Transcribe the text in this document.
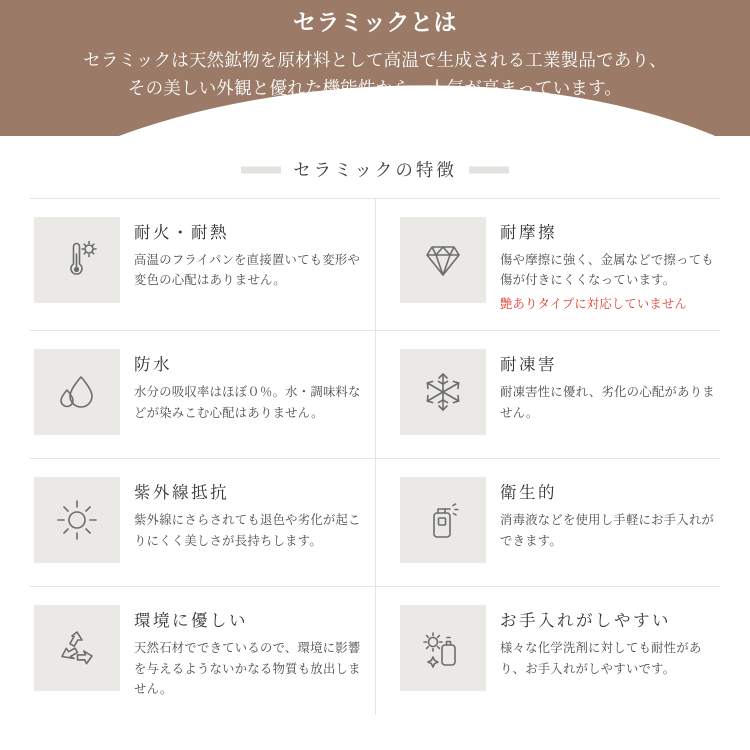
セラミックとは

セラミックは天然鉱物を原材料として高温で生成される工業製品であり、

その美しい外観と優れた機能性から、人気が高まっています。

セラミックの特徴

耐火・耐熱

高温のフライパンを直接置いても変形や変色の心配はありません。

耐摩擦

傷や摩擦に強く、金属などで擦っても傷が付きにくくなっています。

艶ありタイプに対応していません

防水

水分の吸収率はほぼ０％。水・調味料などが染みこむ心配はありません。

耐凍害

耐凍害性に優れ、劣化の心配がありません。

紫外線抵抗

紫外線にさらされても退色や劣化が起こりにくく美しさが長持ちします。

衛生的

消毒液などを使用し手軽にお手入れができます。

環境に優しい

天然石材でできているので、環境に影響を与えるようないかなる物質も放出しません。

お手入れがしやすい

様々な化学洗剤に対しても耐性があり、お手入れがしやすいです。
